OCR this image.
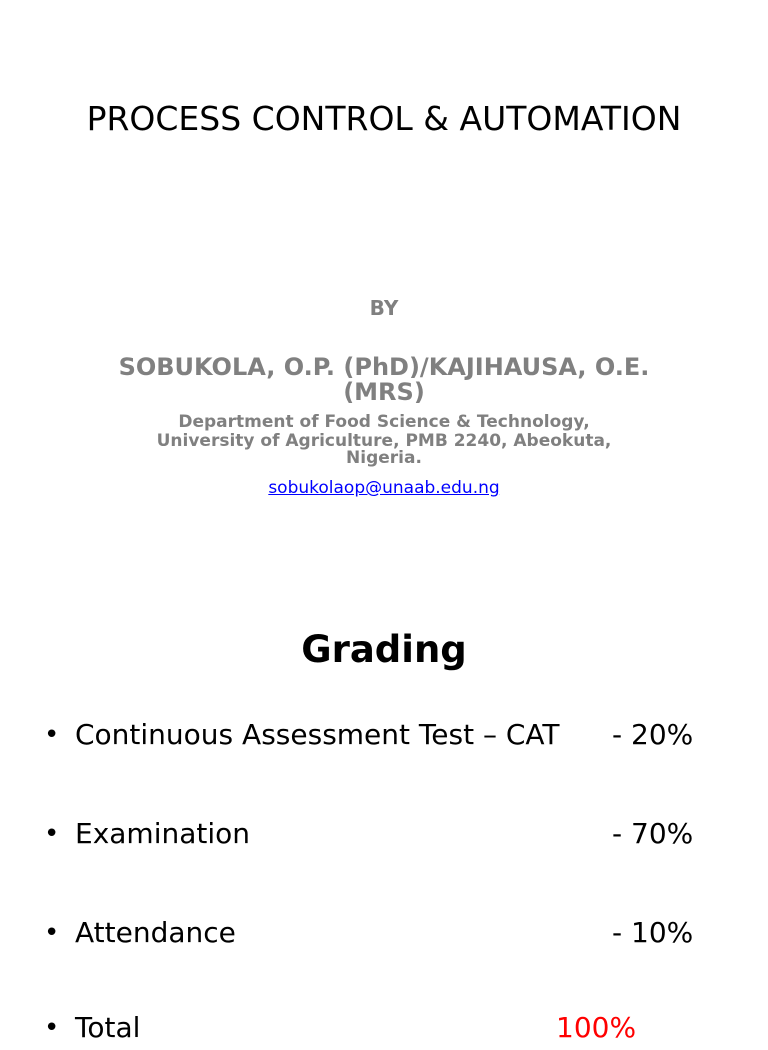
PROCESS CONTROL & AUTOMATION
BY
SOBUKOLA, O.P. (PhD)/KAJIHAUSA, O.E. (MRS)
Department of Food Science & Technology,
University of Agriculture, PMB 2240, Abeokuta,
Nigeria.
sobukolaop@unaab.edu.ng
Grading
• Continuous Assessment Test – CAT - 20%
• Examination	- 70%
• Attendance	- 10%
• Total	100%
